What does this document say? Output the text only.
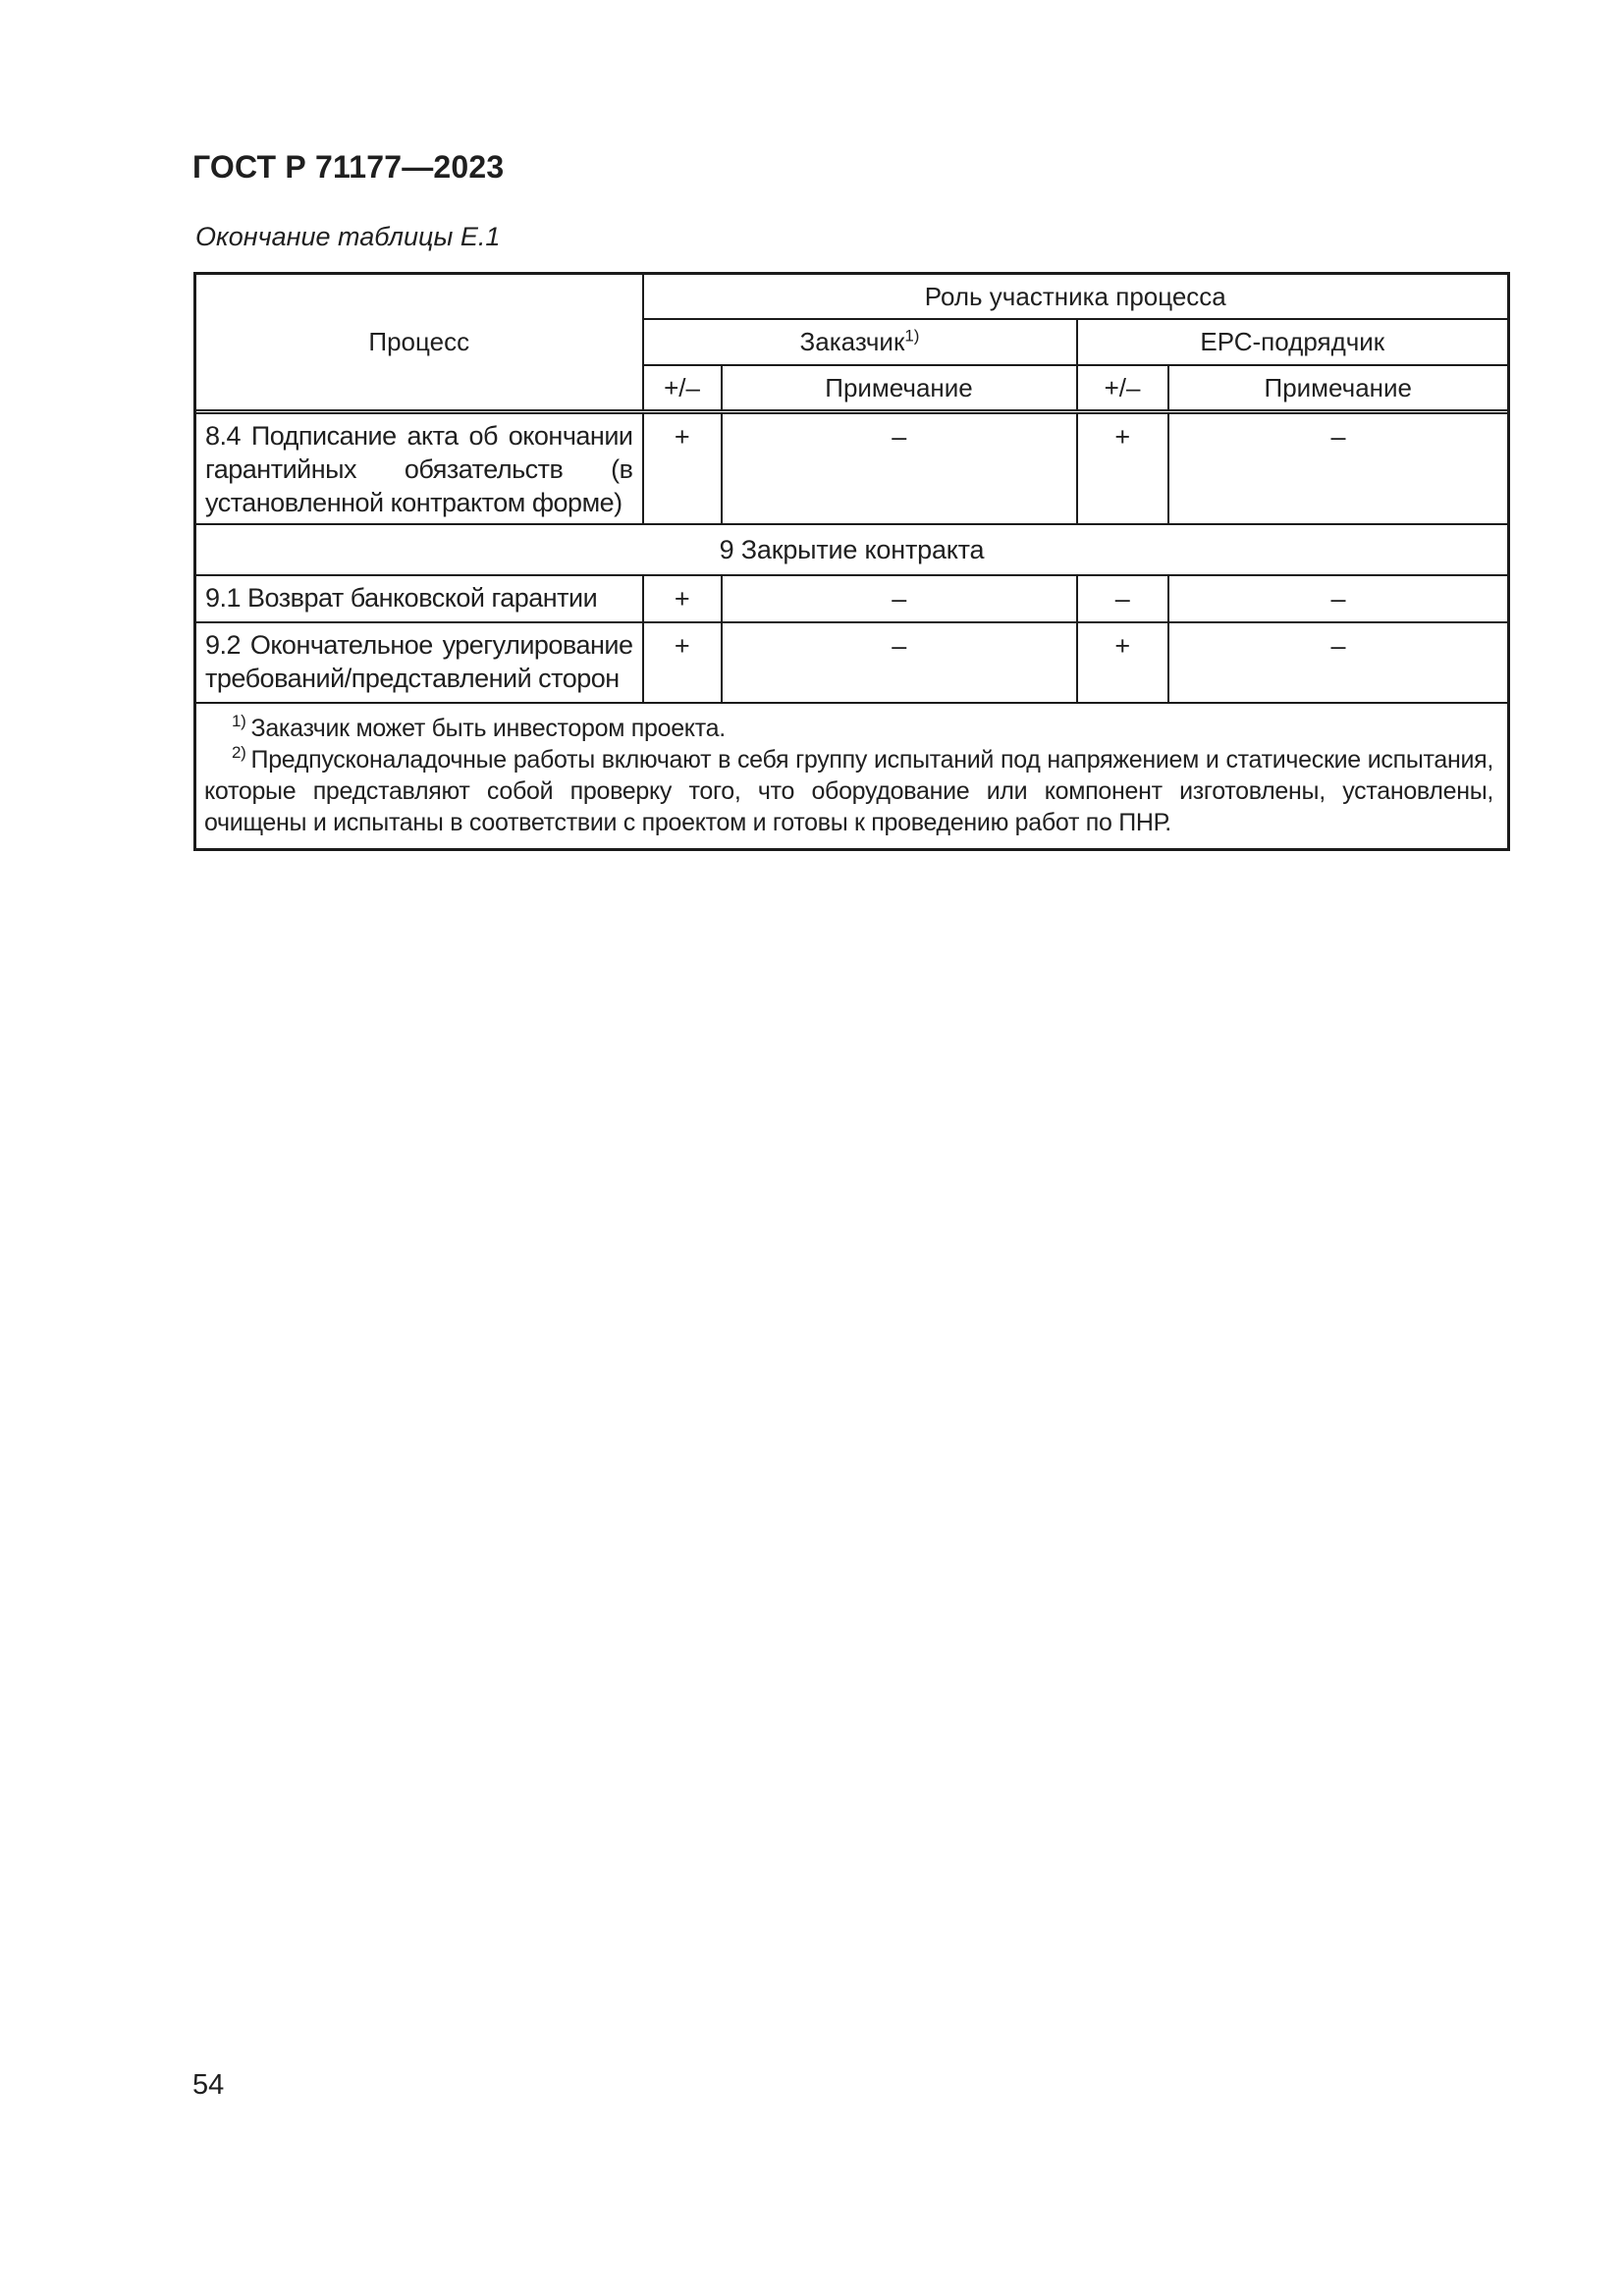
ГОСТ Р 71177—2023
Окончание таблицы Е.1
Процесс	Роль участника процесса			
	Заказчик$^{1)}$		ЕРС-подрядчик	
	+/–	Примечание	+/–	Примечание

8.4 Подписание акта об окончании гарантийных обязательств (в установленной контрактом форме)	+	–	+	–
9 Закрытие контракта				
9.1 Возврат банковской гарантии	+	–	–	–
9.2 Окончательное урегулирование требований/представлений сторон	+	–	+	–

$^{1)}$ Заказчик может быть инвестором проекта.
$^{2)}$ Предпусконаладочные работы включают в себя группу испытаний под напряжением и статические испытания, которые представляют собой проверку того, что оборудование или компонент изготовлены, установлены, очищены и испытаны в соответствии с проектом и готовы к проведению работ по ПНР.				
54
